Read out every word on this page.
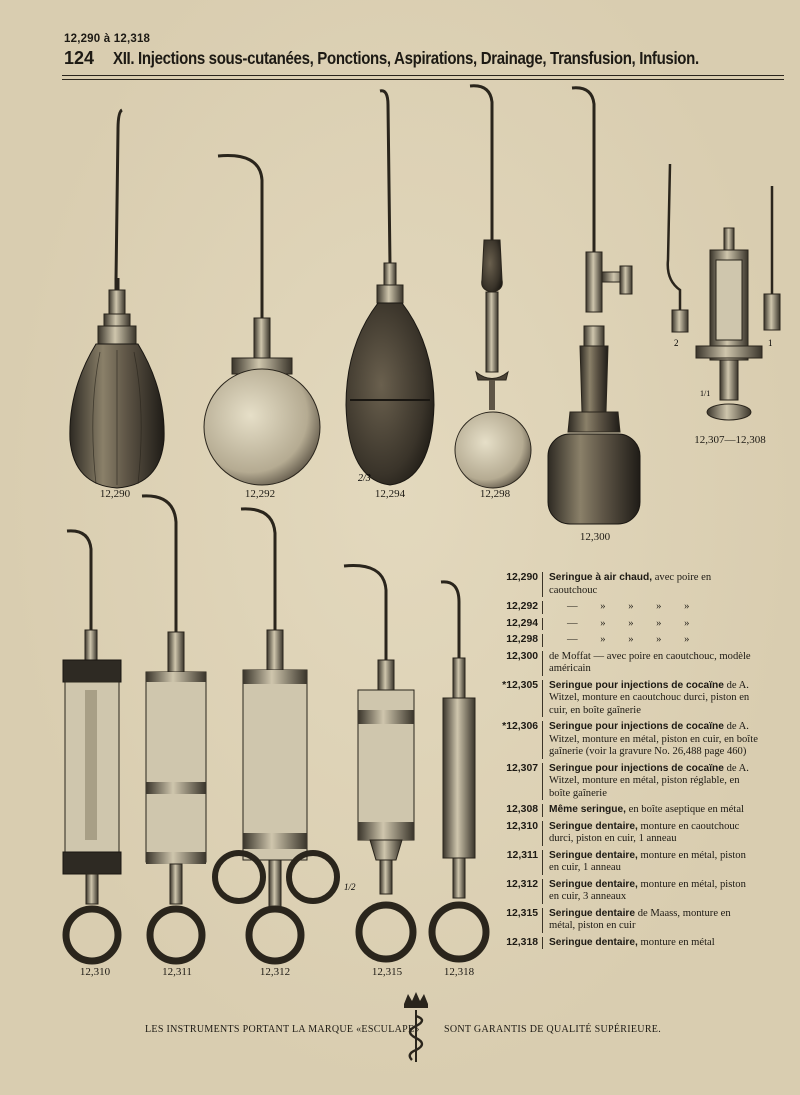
12,290 à 12,318
124 XII. Injections sous-cutanées, Ponctions, Aspirations, Drainage, Transfusion, Infusion.
2/3
2	1
1/1
12,290	12,292	12,294	12,298
12,300
12,307—12,308
1/2
12,310	12,311	12,312	12,315	12,318
12,290	Seringue à air chaud, avec poire en caoutchouc
12,292	— » » » »
12,294	— » » » »
12,298	— » » » »
12,300	de Moffat — avec poire en caoutchouc, modèle américain
*12,305	Seringue pour injections de cocaïne de A. Witzel, monture en caoutchouc durci, piston en cuir, en boîte gaînerie
*12,306	Seringue pour injections de cocaïne de A. Witzel, monture en métal, piston en cuir, en boîte gaînerie (voir la gravure No. 26,488 page 460)
12,307	Seringue pour injections de cocaïne de A. Witzel, monture en métal, piston réglable, en boîte gaînerie
12,308	Même seringue, en boîte aseptique en métal
12,310	Seringue dentaire, monture en caoutchouc durci, piston en cuir, 1 anneau
12,311	Seringue dentaire, monture en métal, piston en cuir, 1 anneau
12,312	Seringue dentaire, monture en métal, piston en cuir, 3 anneaux
12,315	Seringue dentaire de Maass, monture en métal, piston en cuir
12,318	Seringue dentaire, monture en métal
LES INSTRUMENTS PORTANT LA MARQUE «ESCULAPE» SONT GARANTIS DE QUALITÉ SUPÉRIEURE.
